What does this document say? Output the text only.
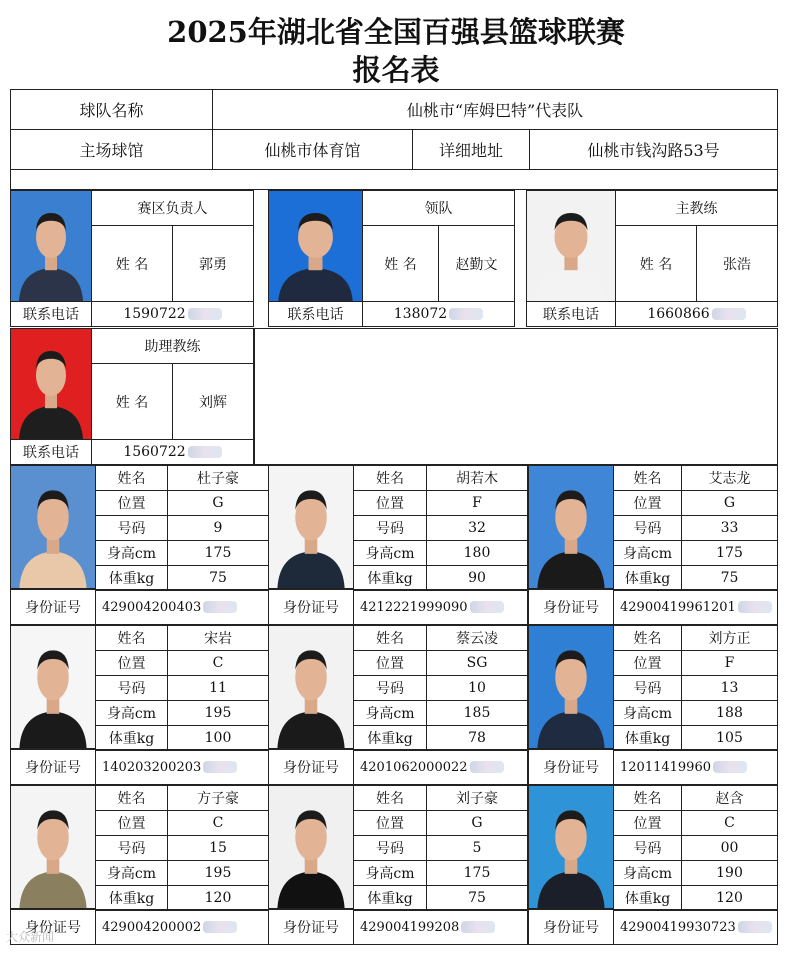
2025年湖北省全国百强县篮球联赛
报名表
球队名称	仙桃市“库姆巴特”代表队
主场球馆	仙桃市体育馆	详细地址	仙桃市钱沟路53号
赛区负责人
姓 名	郭勇
联系电话	1590722
领队
姓 名	赵勤文
联系电话	138072
主教练
姓 名	张浩
联系电话	1660866
助理教练
姓 名	刘辉
联系电话	1560722
姓名	杜子豪
位置	G
号码	9
身高cm	175
体重kg	75
身份证号	429004200403
姓名	胡若木
位置	F
号码	32
身高cm	180
体重kg	90
身份证号	4212221999090
姓名	艾志龙
位置	G
号码	33
身高cm	175
体重kg	75
身份证号	42900419961201
姓名	宋岩
位置	C
号码	11
身高cm	195
体重kg	100
身份证号	140203200203
姓名	蔡云凌
位置	SG
号码	10
身高cm	185
体重kg	78
身份证号	4201062000022
姓名	刘方正
位置	F
号码	13
身高cm	188
体重kg	105
身份证号	12011419960
姓名	方子豪
位置	C
号码	15
身高cm	195
体重kg	120
身份证号	429004200002
姓名	刘子豪
位置	G
号码	5
身高cm	175
体重kg	75
身份证号	429004199208
姓名	赵含
位置	C
号码	00
身高cm	190
体重kg	120
身份证号	42900419930723
大众新闻
